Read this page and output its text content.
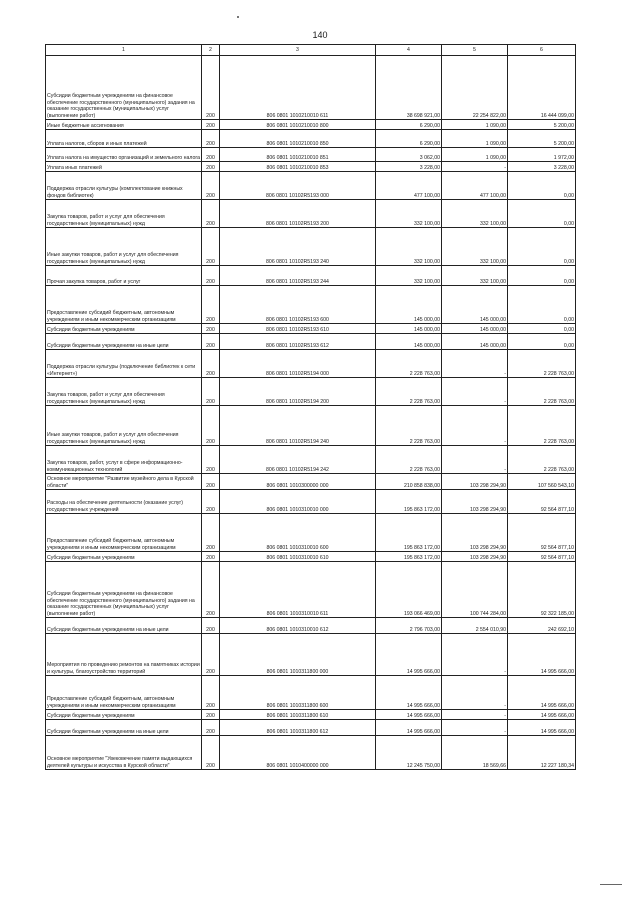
140
1	2	3	4	5	6
Субсидии бюджетным учреждениям на финансовое обеспечение государственного (муниципального) задания на оказание государственных (муниципальных) услуг (выполнение работ)	200	806 0801 1010210010 611	38 698 921,00	22 254 822,00	16 444 099,00
Иные бюджетные ассигнования	200	806 0801 1010210010 800	6 290,00	1 090,00	5 200,00
Уплата налогов, сборов и иных платежей	200	806 0801 1010210010 850	6 290,00	1 090,00	5 200,00
Уплата налога на имущество организаций и земельного налога	200	806 0801 1010210010 851	3 062,00	1 090,00	1 972,00
Уплата иных платежей	200	806 0801 1010210010 853	3 228,00	-	3 228,00
Поддержка отрасли культуры (комплектование книжных фондов библиотек)	200	806 0801 10102R5193 000	477 100,00	477 100,00	0,00
Закупка товаров, работ и услуг для обеспечения государственных (муниципальных) нужд	200	806 0801 10102R5193 200	332 100,00	332 100,00	0,00
Иные закупки товаров, работ и услуг для обеспечения государственных (муниципальных) нужд	200	806 0801 10102R5193 240	332 100,00	332 100,00	0,00
Прочая закупка товаров, работ и услуг	200	806 0801 10102R5193 244	332 100,00	332 100,00	0,00
Предоставление субсидий бюджетным, автономным учреждениям и иным некоммерческим организациям	200	806 0801 10102R5193 600	145 000,00	145 000,00	0,00
Субсидии бюджетным учреждениям	200	806 0801 10102R5193 610	145 000,00	145 000,00	0,00
Субсидии бюджетным учреждениям на иные цели	200	806 0801 10102R5193 612	145 000,00	145 000,00	0,00
Поддержка отрасли культуры (подключение библиотек к сети «Интернет»)	200	806 0801 10102R5194 000	2 228 763,00	-	2 228 763,00
Закупка товаров, работ и услуг для обеспечения государственных (муниципальных) нужд	200	806 0801 10102R5194 200	2 228 763,00	-	2 228 763,00
Иные закупки товаров, работ и услуг для обеспечения государственных (муниципальных) нужд	200	806 0801 10102R5194 240	2 228 763,00	-	2 228 763,00
Закупка товаров, работ, услуг в сфере информационно-коммуникационных технологий	200	806 0801 10102R5194 242	2 228 763,00	-	2 228 763,00
Основное мероприятие "Развитие музейного дела в Курской области"	200	806 0801 1010300000 000	210 858 838,00	103 298 294,90	107 560 543,10
Расходы на обеспечение деятельности (оказание услуг) государственных учреждений	200	806 0801 1010310010 000	195 863 172,00	103 298 294,90	92 564 877,10
Предоставление субсидий бюджетным, автономным учреждениям и иным некоммерческим организациям	200	806 0801 1010310010 600	195 863 172,00	103 298 294,90	92 564 877,10
Субсидии бюджетным учреждениям	200	806 0801 1010310010 610	195 863 172,00	103 298 294,90	92 564 877,10
Субсидии бюджетным учреждениям на финансовое обеспечение государственного (муниципального) задания на оказание государственных (муниципальных) услуг (выполнение работ)	200	806 0801 1010310010 611	193 066 469,00	100 744 284,00	92 322 185,00
Субсидии бюджетным учреждениям на иные цели	200	806 0801 1010310010 612	2 796 703,00	2 554 010,90	242 692,10
Мероприятия по проведению ремонтов на памятниках истории и культуры, благоустройство территорий	200	806 0801 1010311800 000	14 995 666,00	-	14 995 666,00
Предоставление субсидий бюджетным, автономным учреждениям и иным некоммерческим организациям	200	806 0801 1010311800 600	14 995 666,00	-	14 995 666,00
Субсидии бюджетным учреждениям	200	806 0801 1010311800 610	14 995 666,00	-	14 995 666,00
Субсидии бюджетным учреждениям на иные цели	200	806 0801 1010311800 612	14 995 666,00	-	14 995 666,00
Основное мероприятие "Увековечение памяти выдающихся деятелей культуры и искусства в Курской области"	200	806 0801 1010400000 000	12 245 750,00	18 569,66	12 227 180,34
